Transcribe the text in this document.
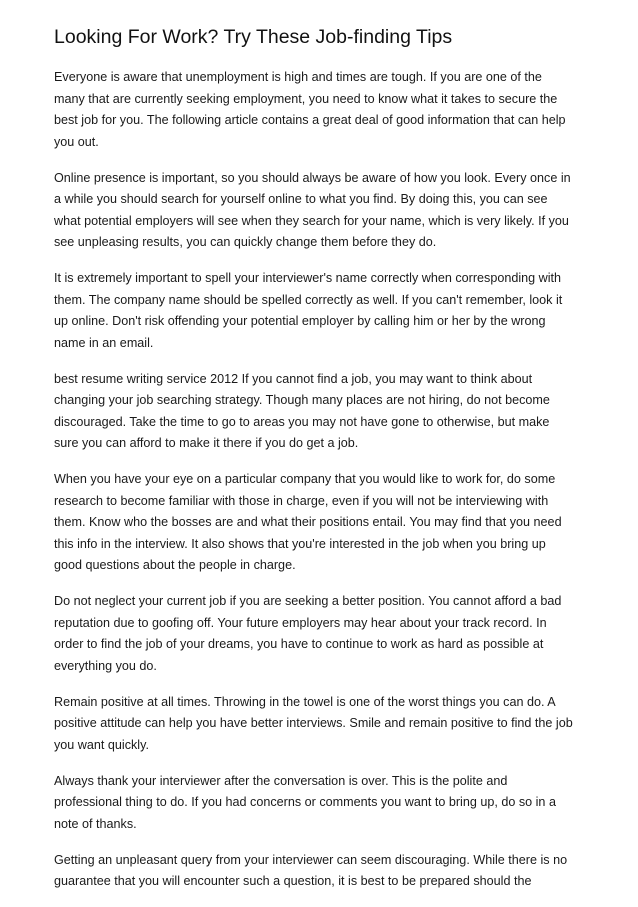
Looking For Work? Try These Job-finding Tips

Everyone is aware that unemployment is high and times are tough. If you are one of the
many that are currently seeking employment, you need to know what it takes to secure the
best job for you. The following article contains a great deal of good information that can help
you out.

Online presence is important, so you should always be aware of how you look. Every once in
a while you should search for yourself online to what you find. By doing this, you can see
what potential employers will see when they search for your name, which is very likely. If you
see unpleasing results, you can quickly change them before they do.

It is extremely important to spell your interviewer's name correctly when corresponding with
them. The company name should be spelled correctly as well. If you can't remember, look it
up online. Don't risk offending your potential employer by calling him or her by the wrong
name in an email.

best resume writing service 2012 If you cannot find a job, you may want to think about
changing your job searching strategy. Though many places are not hiring, do not become
discouraged. Take the time to go to areas you may not have gone to otherwise, but make
sure you can afford to make it there if you do get a job.

When you have your eye on a particular company that you would like to work for, do some
research to become familiar with those in charge, even if you will not be interviewing with
them. Know who the bosses are and what their positions entail. You may find that you need
this info in the interview. It also shows that you're interested in the job when you bring up
good questions about the people in charge.

Do not neglect your current job if you are seeking a better position. You cannot afford a bad
reputation due to goofing off. Your future employers may hear about your track record. In
order to find the job of your dreams, you have to continue to work as hard as possible at
everything you do.

Remain positive at all times. Throwing in the towel is one of the worst things you can do. A
positive attitude can help you have better interviews. Smile and remain positive to find the job
you want quickly.

Always thank your interviewer after the conversation is over. This is the polite and
professional thing to do. If you had concerns or comments you want to bring up, do so in a
note of thanks.

Getting an unpleasant query from your interviewer can seem discouraging. While there is no
guarantee that you will encounter such a question, it is best to be prepared should the
